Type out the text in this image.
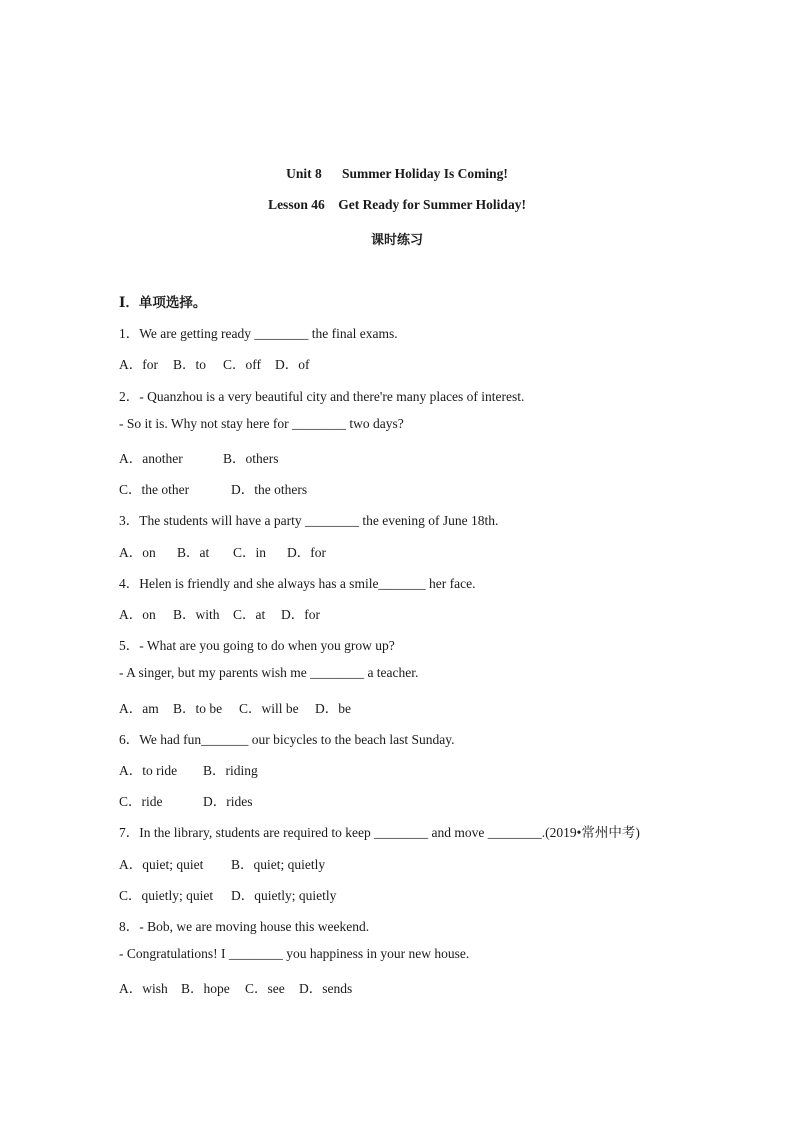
Unit 8      Summer Holiday Is Coming!
Lesson 46    Get Ready for Summer Holiday!
课时练习
Ⅰ．单项选择。
1．We are getting ready ________ the final exams.
A．for B．to C．off D．of
2．- Quanzhou is a very beautiful city and there're many places of interest.
- So it is. Why not stay here for ________ two days?
A．another	B．others
C．the other	D．the others
3．The students will have a party ________ the evening of June 18th.
A．on B．at C．in D．for
4．Helen is friendly and she always has a smile_______ her face.
A．on B．with C．at D．for
5．- What are you going to do when you grow up?
- A singer, but my parents wish me ________ a teacher.
A．am B．to be C．will be D．be
6．We had fun_______ our bicycles to the beach last Sunday.
A．to ride B．riding
C．ride	D．rides
7．In the library, students are required to keep ________ and move ________.(2019•常州中考)
A．quiet; quiet B．quiet; quietly
C．quietly; quiet D．quietly; quietly
8．- Bob, we are moving house this weekend.
- Congratulations! I ________ you happiness in your new house.
A．wish B．hope C．see D．sends
